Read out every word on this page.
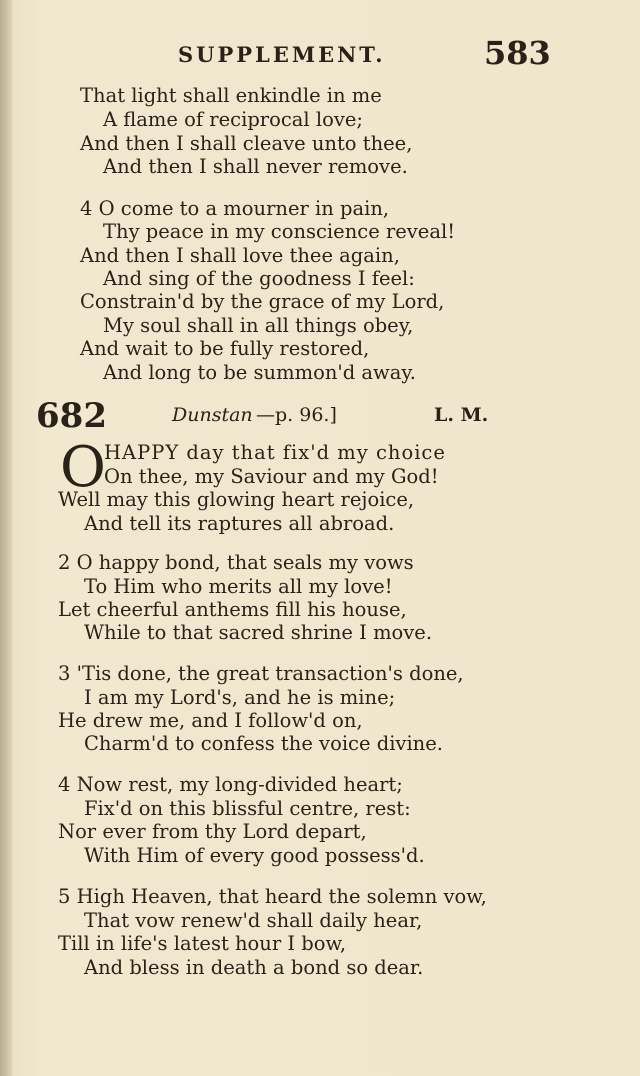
SUPPLEMENT.	583
That light shall enkindle in me
A flame of reciprocal love;
And then I shall cleave unto thee,
And then I shall never remove.
4 O come to a mourner in pain,
Thy peace in my conscience reveal!
And then I shall love thee again,
And sing of the goodness I feel:
Constrain'd by the grace of my Lord,
My soul shall in all things obey,
And wait to be fully restored,
And long to be summon'd away.
682	Dunstan —p. 96.]	L. M.
O
HAPPY day that fix'd my choice
On thee, my Saviour and my God!
Well may this glowing heart rejoice,
And tell its raptures all abroad.
2 O happy bond, that seals my vows
To Him who merits all my love!
Let cheerful anthems fill his house,
While to that sacred shrine I move.
3 'Tis done, the great transaction's done,
I am my Lord's, and he is mine;
He drew me, and I follow'd on,
Charm'd to confess the voice divine.
4 Now rest, my long-divided heart;
Fix'd on this blissful centre, rest:
Nor ever from thy Lord depart,
With Him of every good possess'd.
5 High Heaven, that heard the solemn vow,
That vow renew'd shall daily hear,
Till in life's latest hour I bow,
And bless in death a bond so dear.
